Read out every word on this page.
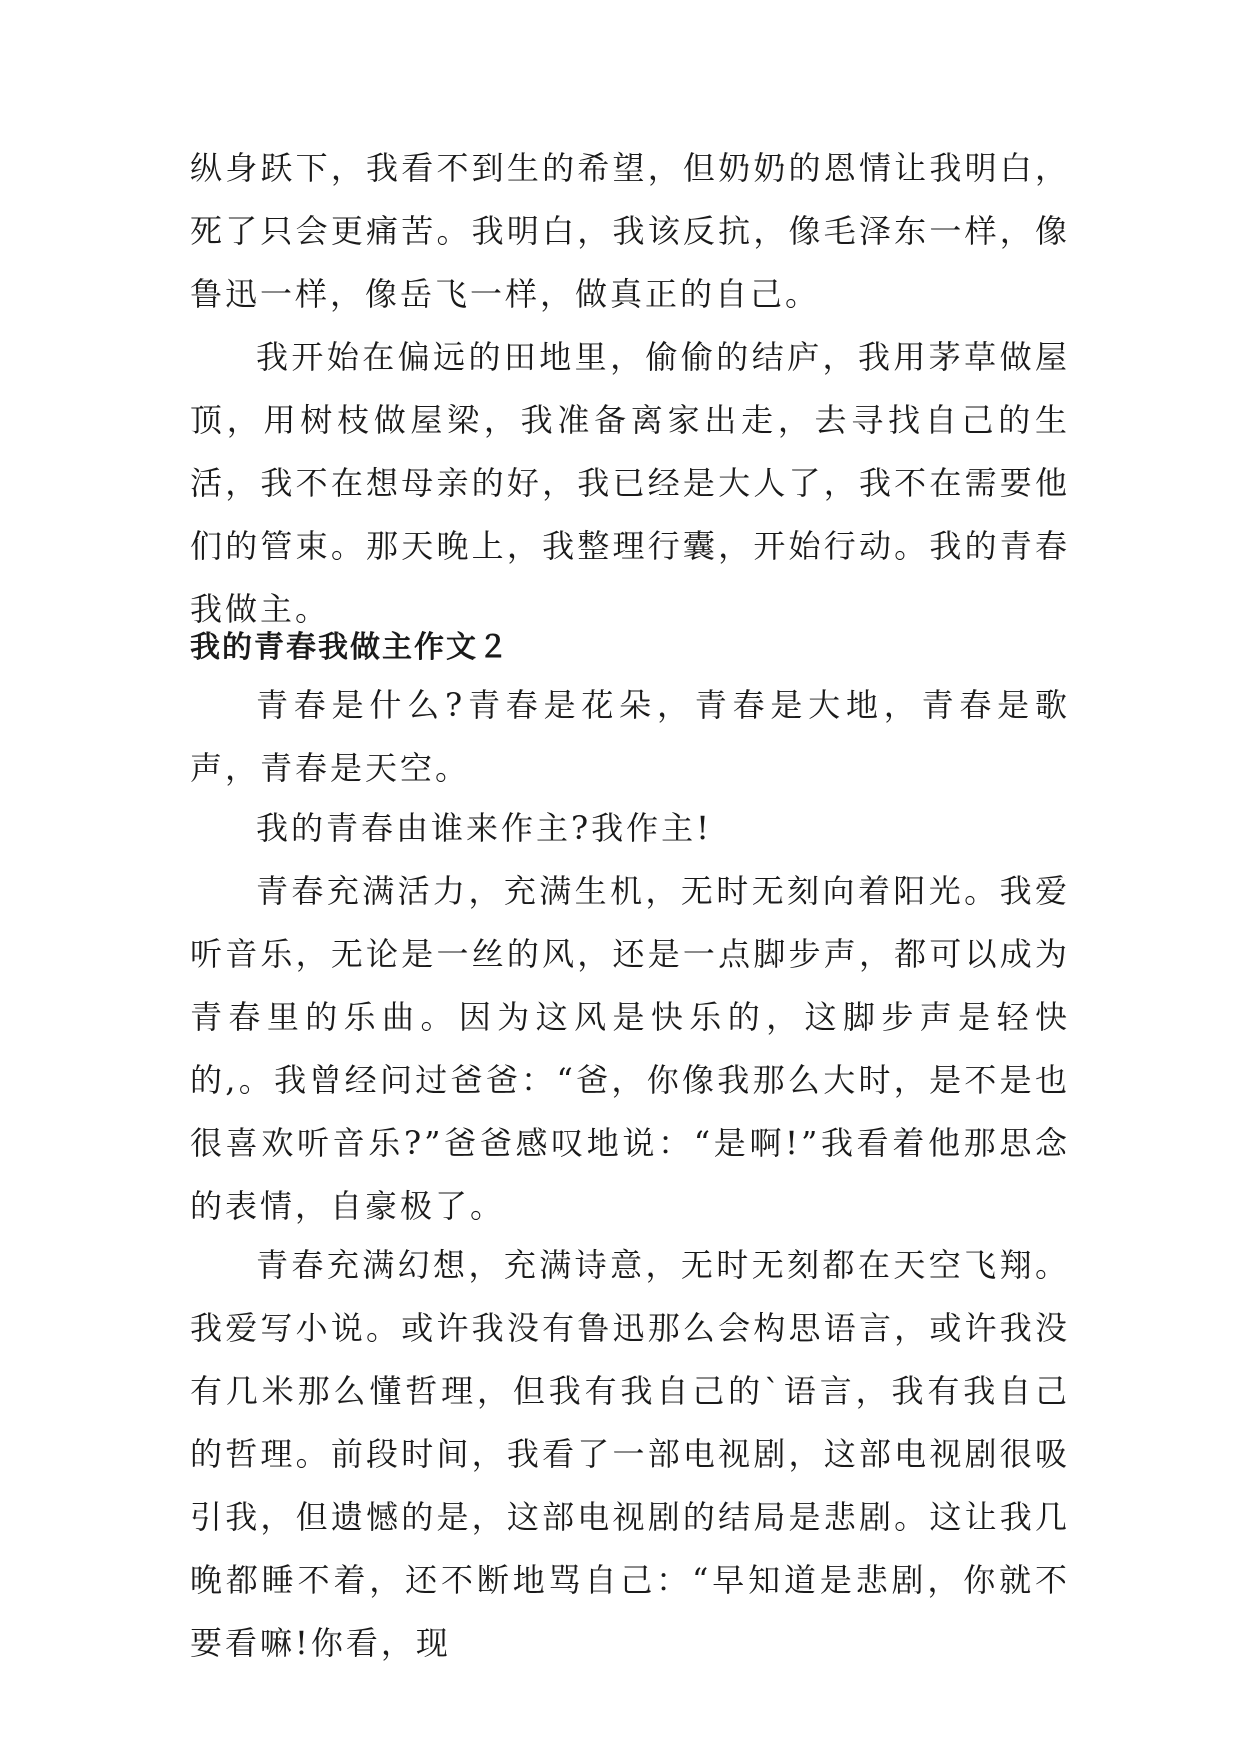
纵身跃下，我看不到生的希望，但奶奶的恩情让我明白，死了只会更痛苦。我明白，我该反抗，像毛泽东一样，像鲁迅一样，像岳飞一样，做真正的自己。

我开始在偏远的田地里，偷偷的结庐，我用茅草做屋顶，用树枝做屋梁，我准备离家出走，去寻找自己的生活，我不在想母亲的好，我已经是大人了，我不在需要他们的管束。那天晚上，我整理行囊，开始行动。我的青春我做主。

我的青春我做主作文２

青春是什么?青春是花朵，青春是大地，青春是歌声，青春是天空。

我的青春由谁来作主?我作主!

青春充满活力，充满生机，无时无刻向着阳光。我爱听音乐，无论是一丝的风，还是一点脚步声，都可以成为青春里的乐曲。因为这风是快乐的，这脚步声是轻快的,。我曾经问过爸爸：“爸，你像我那么大时，是不是也很喜欢听音乐?”爸爸感叹地说：“是啊!”我看着他那思念的表情，自豪极了。

青春充满幻想，充满诗意，无时无刻都在天空飞翔。我爱写小说。或许我没有鲁迅那么会构思语言，或许我没有几米那么懂哲理，但我有我自己的`语言，我有我自己的哲理。前段时间，我看了一部电视剧，这部电视剧很吸引我，但遗憾的是，这部电视剧的结局是悲剧。这让我几晚都睡不着，还不断地骂自己：“早知道是悲剧，你就不要看嘛!你看，现
